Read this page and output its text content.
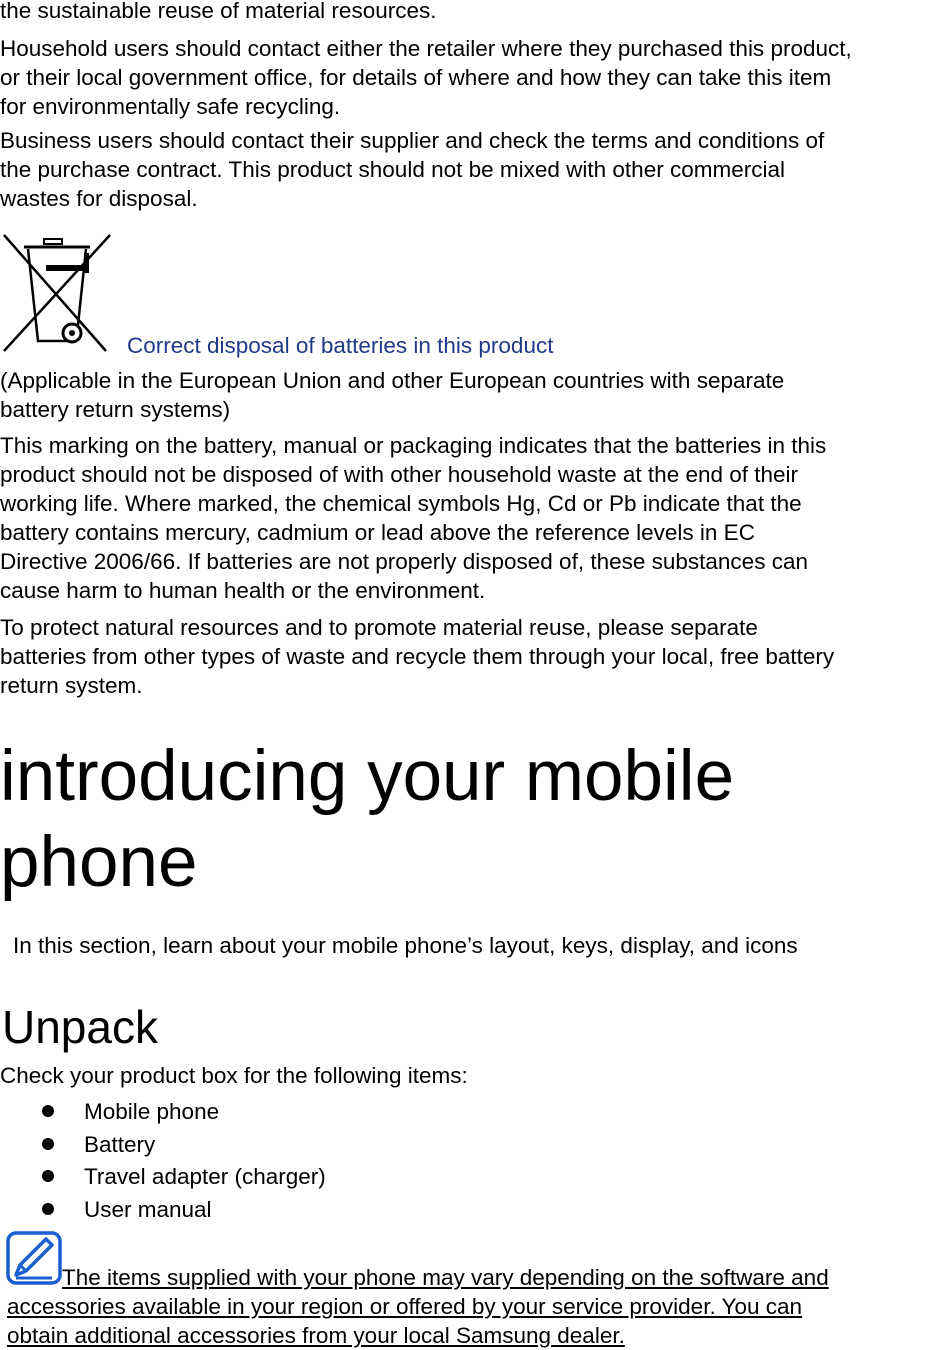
the sustainable reuse of material resources.

Household users should contact either the retailer where they purchased this product,
or their local government office, for details of where and how they can take this item
for environmentally safe recycling.

Business users should contact their supplier and check the terms and conditions of
the purchase contract. This product should not be mixed with other commercial
wastes for disposal.

Correct disposal of batteries in this product

(Applicable in the European Union and other European countries with separate
battery return systems)

This marking on the battery, manual or packaging indicates that the batteries in this
product should not be disposed of with other household waste at the end of their
working life. Where marked, the chemical symbols Hg, Cd or Pb indicate that the
battery contains mercury, cadmium or lead above the reference levels in EC
Directive 2006/66. If batteries are not properly disposed of, these substances can
cause harm to human health or the environment.

To protect natural resources and to promote material reuse, please separate
batteries from other types of waste and recycle them through your local, free battery
return system.

introducing your mobile
phone

In this section, learn about your mobile phone’s layout, keys, display, and icons

Unpack

Check your product box for the following items:

Mobile phone
Battery
Travel adapter (charger)
User manual

The items supplied with your phone may vary depending on the software and
accessories available in your region or offered by your service provider. You can
obtain additional accessories from your local Samsung dealer.
